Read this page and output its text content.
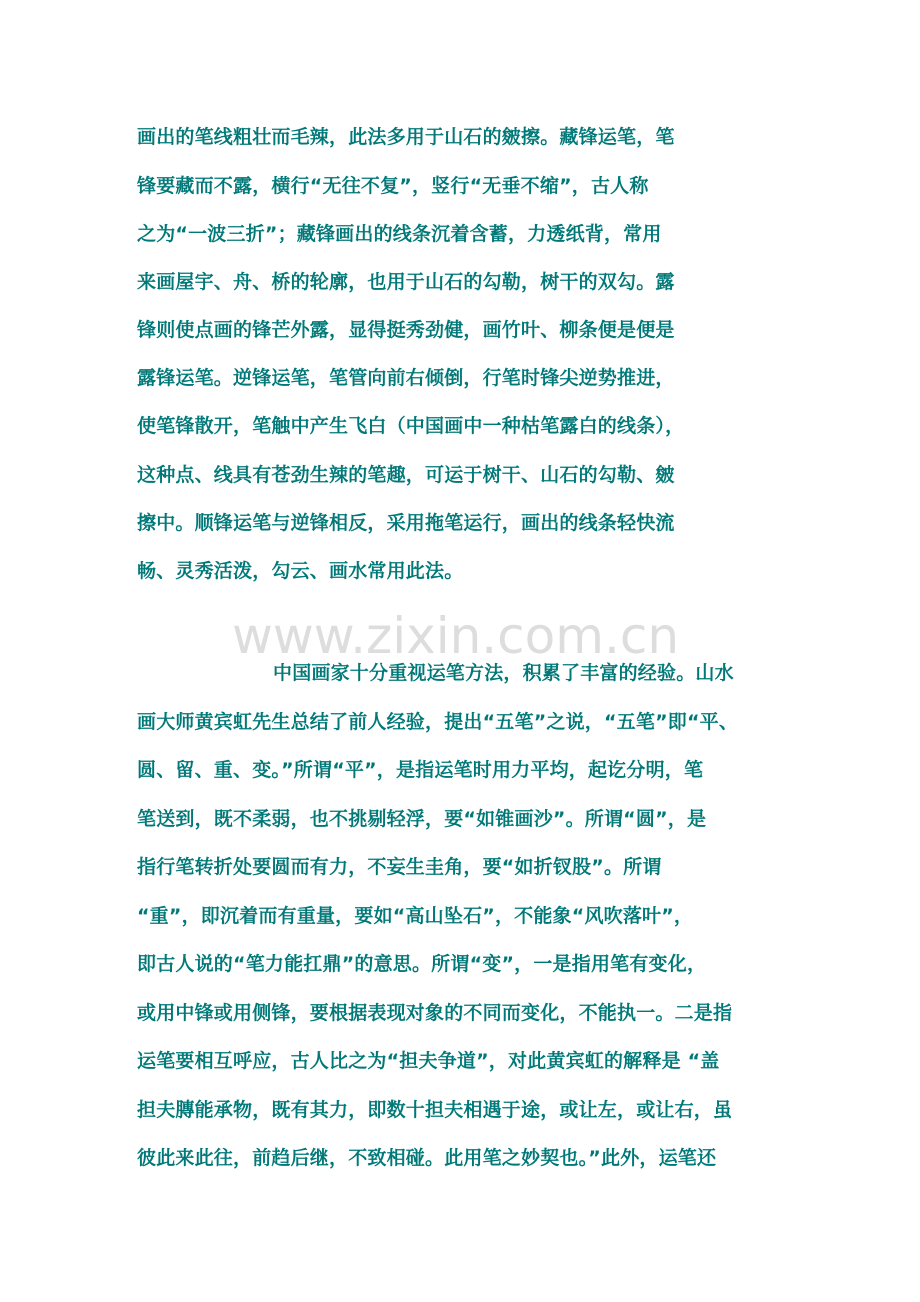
www.zixin.com.cn
画出的笔线粗壮而毛辣，此法多用于山石的皴擦。藏锋运笔，笔
锋要藏而不露，横行“无往不复”，竖行“无垂不缩”，古人称
之为“一波三折”；藏锋画出的线条沉着含蓄，力透纸背，常用
来画屋宇、舟、桥的轮廓，也用于山石的勾勒，树干的双勾。露
锋则使点画的锋芒外露，显得挺秀劲健，画竹叶、柳条便是便是
露锋运笔。逆锋运笔，笔管向前右倾倒，行笔时锋尖逆势推进，
使笔锋散开，笔触中产生飞白（中国画中一种枯笔露白的线条），
这种点、线具有苍劲生辣的笔趣，可运于树干、山石的勾勒、皴
擦中。顺锋运笔与逆锋相反，采用拖笔运行，画出的线条轻快流
畅、灵秀活泼，勾云、画水常用此法。
中国画家十分重视运笔方法，积累了丰富的经验。山水
画大师黄宾虹先生总结了前人经验，提出“五笔”之说，“五笔”即“平、
圆、留、重、变。”所谓“平”，是指运笔时用力平均，起讫分明，笔
笔送到，既不柔弱，也不挑剔轻浮，要“如锥画沙”。所谓“圆”，是
指行笔转折处要圆而有力，不妄生圭角，要“如折钗股”。所谓
“重”，即沉着而有重量，要如“高山坠石”，不能象“风吹落叶”，
即古人说的“笔力能扛鼎”的意思。所谓“变”，一是指用笔有变化，
或用中锋或用侧锋，要根据表现对象的不同而变化，不能执一。二是指
运笔要相互呼应，古人比之为“担夫争道”，对此黄宾虹的解释是 “盖
担夫膞能承物，既有其力，即数十担夫相遇于途，或让左，或让右，虽
彼此来此往，前趋后继，不致相碰。此用笔之妙契也。”此外，运笔还
